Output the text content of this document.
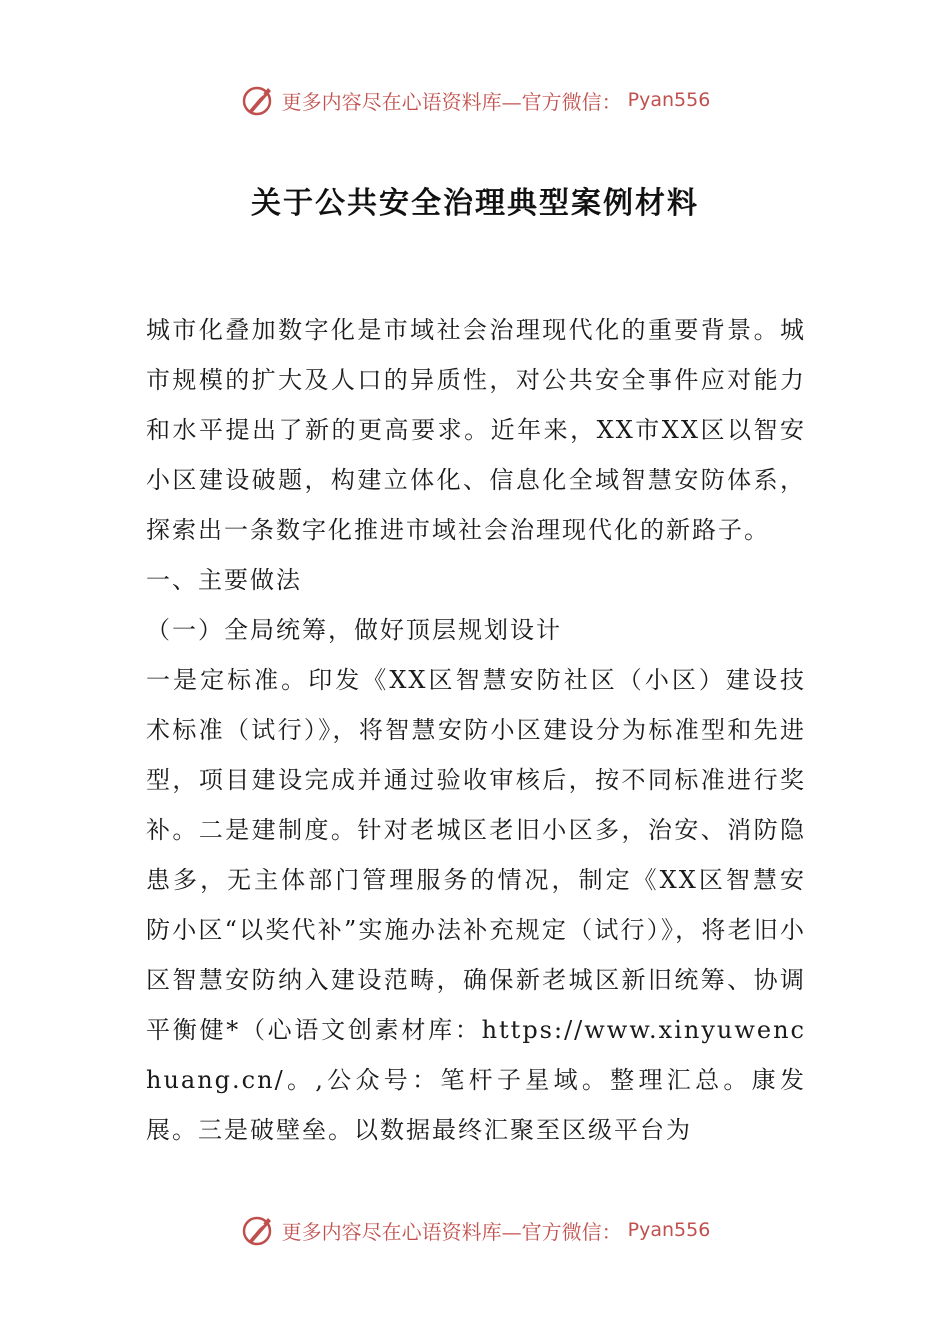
更多内容尽在心语资料库—官方微信： Pyan556
关于公共安全治理典型案例材料

城市化叠加数字化是市域社会治理现代化的重要背景。城市规模的扩大及人口的异质性，对公共安全事件应对能力和水平提出了新的更高要求。近年来，XX市XX区以智安小区建设破题，构建立体化、信息化全域智慧安防体系，探索出一条数字化推进市域社会治理现代化的新路子。

一、主要做法

（一）全局统筹，做好顶层规划设计

一是定标准。印发《XX区智慧安防社区（小区）建设技术标准（试行）》，将智慧安防小区建设分为标准型和先进型，项目建设完成并通过验收审核后，按不同标准进行奖补。二是建制度。针对老城区老旧小区多，治安、消防隐患多，无主体部门管理服务的情况，制定《XX区智慧安防小区“以奖代补”实施办法补充规定（试行）》，将老旧小区智慧安防纳入建设范畴，确保新老城区新旧统筹、协调平衡健*（心语文创素材库：https://www.xinyuwenchuang.cn/。,公众号：笔杆子星域。整理汇总。康发展。三是破壁垒。以数据最终汇聚至区级平台为

更多内容尽在心语资料库—官方微信： Pyan556
